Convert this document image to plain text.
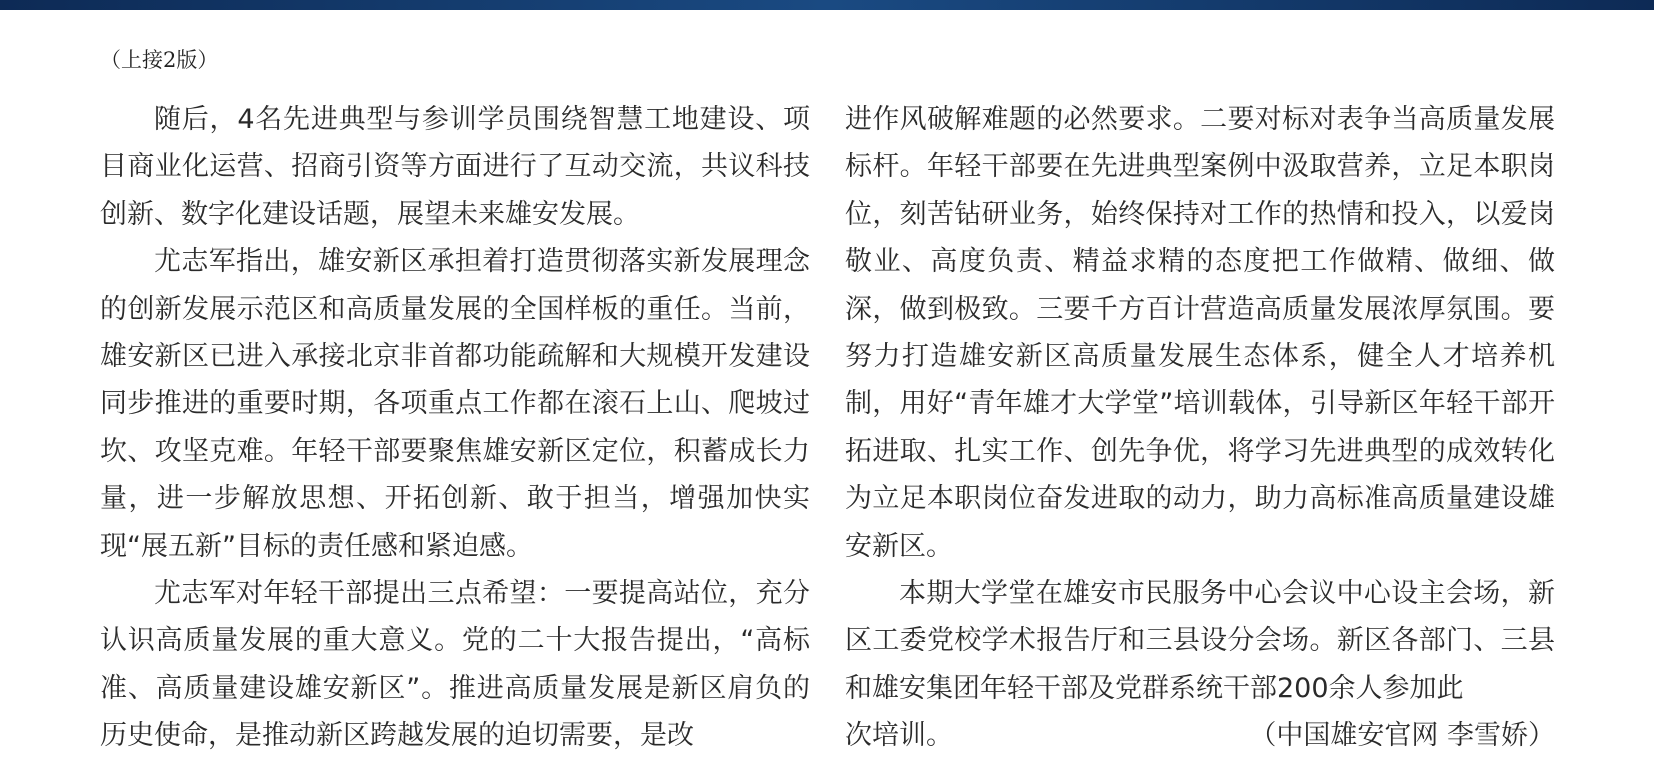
（上接2版）

随后，4名先进典型与参训学员围绕智慧工地建设、项目商业化运营、招商引资等方面进行了互动交流，共议科技创新、数字化建设话题，展望未来雄安发展。

尤志军指出，雄安新区承担着打造贯彻落实新发展理念的创新发展示范区和高质量发展的全国样板的重任。当前，雄安新区已进入承接北京非首都功能疏解和大规模开发建设同步推进的重要时期，各项重点工作都在滚石上山、爬坡过坎、攻坚克难。年轻干部要聚焦雄安新区定位，积蓄成长力量，进一步解放思想、开拓创新、敢于担当，增强加快实现“展五新”目标的责任感和紧迫感。

尤志军对年轻干部提出三点希望：一要提高站位，充分认识高质量发展的重大意义。党的二十大报告提出，“高标准、高质量建设雄安新区”。推进高质量发展是新区肩负的历史使命，是推动新区跨越发展的迫切需要，是改

进作风破解难题的必然要求。二要对标对表争当高质量发展标杆。年轻干部要在先进典型案例中汲取营养，立足本职岗位，刻苦钻研业务，始终保持对工作的热情和投入，以爱岗敬业、高度负责、精益求精的态度把工作做精、做细、做深，做到极致。三要千方百计营造高质量发展浓厚氛围。要努力打造雄安新区高质量发展生态体系，健全人才培养机制，用好“青年雄才大学堂”培训载体，引导新区年轻干部开拓进取、扎实工作、创先争优，将学习先进典型的成效转化为立足本职岗位奋发进取的动力，助力高标准高质量建设雄安新区。

本期大学堂在雄安市民服务中心会议中心设主会场，新区工委党校学术报告厅和三县设分会场。新区各部门、三县和雄安集团年轻干部及党群系统干部200余人参加此

次培训。	（中国雄安官网 李雪娇）
